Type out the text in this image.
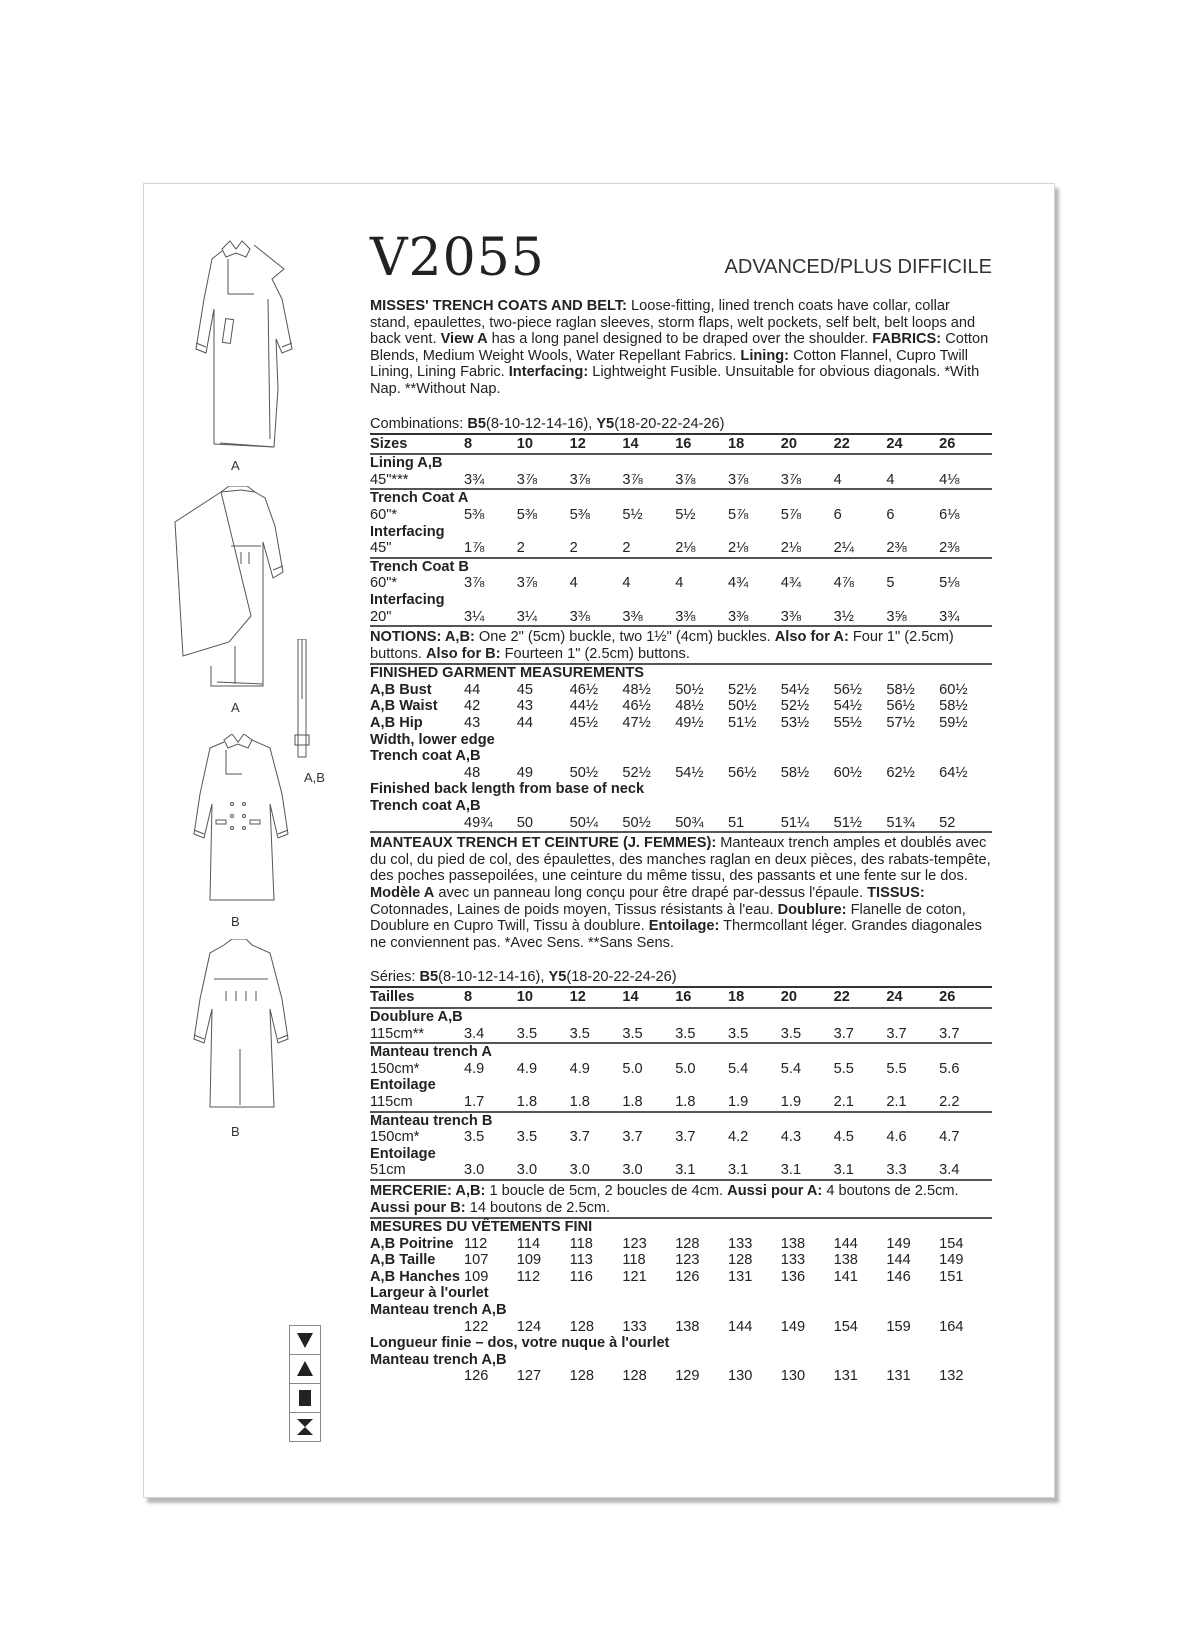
A
A
A,B
B
B
V2055	ADVANCED/PLUS DIFFICILE

MISSES' TRENCH COATS AND BELT: Loose-fitting, lined trench coats have collar, collar stand, epaulettes, two-piece raglan sleeves, storm flaps, welt pockets, self belt, belt loops and back vent. View A has a long panel designed to be draped over the shoulder. FABRICS: Cotton Blends, Medium Weight Wools, Water Repellant Fabrics. Lining: Cotton Flannel, Cupro Twill Lining, Lining Fabric. Interfacing: Lightweight Fusible. Unsuitable for obvious diagonals. *With Nap. **Without Nap.

Combinations: B5(8-10-12-14-16), Y5(18-20-22-24-26)
Sizes	8	10	12	14	16	18	20	22	24	26
Lining A,B										
45"***	3¾	3⅞	3⅞	3⅞	3⅞	3⅞	3⅞	4	4	4⅛
Trench Coat A										
60"*	5⅜	5⅜	5⅜	5½	5½	5⅞	5⅞	6	6	6⅛
Interfacing										
45"	1⅞	2	2	2	2⅛	2⅛	2⅛	2¼	2⅜	2⅜
Trench Coat B										
60"*	3⅞	3⅞	4	4	4	4¾	4¾	4⅞	5	5⅛
Interfacing										
20"	3¼	3¼	3⅜	3⅜	3⅜	3⅜	3⅜	3½	3⅝	3¾
NOTIONS: A,B: One 2" (5cm) buckle, two 1½" (4cm) buckles. Also for A: Four 1" (2.5cm) buttons. Also for B: Fourteen 1" (2.5cm) buttons.
FINISHED GARMENT MEASUREMENTS										
A,B Bust	44	45	46½	48½	50½	52½	54½	56½	58½	60½
A,B Waist	42	43	44½	46½	48½	50½	52½	54½	56½	58½
A,B Hip	43	44	45½	47½	49½	51½	53½	55½	57½	59½
Width, lower edge										
Trench coat A,B										
	48	49	50½	52½	54½	56½	58½	60½	62½	64½
Finished back length from base of neck										
Trench coat A,B										
	49¾	50	50¼	50½	50¾	51	51¼	51½	51¾	52

MANTEAUX TRENCH ET CEINTURE (J. FEMMES): Manteaux trench amples et doublés avec du col, du pied de col, des épaulettes, des manches raglan en deux pièces, des rabats-tempête, des poches passepoilées, une ceinture du même tissu, des passants et une fente sur le dos. Modèle A avec un panneau long conçu pour être drapé par-dessus l'épaule. TISSUS: Cotonnades, Laines de poids moyen, Tissus résistants à l'eau. Doublure: Flanelle de coton, Doublure en Cupro Twill, Tissu à doublure. Entoilage: Thermcollant léger. Grandes diagonales ne conviennent pas. *Avec Sens. **Sans Sens.

Séries: B5(8-10-12-14-16), Y5(18-20-22-24-26)
Tailles	8	10	12	14	16	18	20	22	24	26
Doublure A,B										
115cm**	3.4	3.5	3.5	3.5	3.5	3.5	3.5	3.7	3.7	3.7
Manteau trench A										
150cm*	4.9	4.9	4.9	5.0	5.0	5.4	5.4	5.5	5.5	5.6
Entoilage										
115cm	1.7	1.8	1.8	1.8	1.8	1.9	1.9	2.1	2.1	2.2
Manteau trench B										
150cm*	3.5	3.5	3.7	3.7	3.7	4.2	4.3	4.5	4.6	4.7
Entoilage										
51cm	3.0	3.0	3.0	3.0	3.1	3.1	3.1	3.1	3.3	3.4
MERCERIE: A,B: 1 boucle de 5cm, 2 boucles de 4cm. Aussi pour A: 4 boutons de 2.5cm. Aussi pour B: 14 boutons de 2.5cm.
MESURES DU VÊTEMENTS FINI										
A,B Poitrine	112	114	118	123	128	133	138	144	149	154
A,B Taille	107	109	113	118	123	128	133	138	144	149
A,B Hanches	109	112	116	121	126	131	136	141	146	151
Largeur à l'ourlet										
Manteau trench A,B										
	122	124	128	133	138	144	149	154	159	164
Longueur finie – dos, votre nuque à l'ourlet										
Manteau trench A,B										
	126	127	128	128	129	130	130	131	131	132
